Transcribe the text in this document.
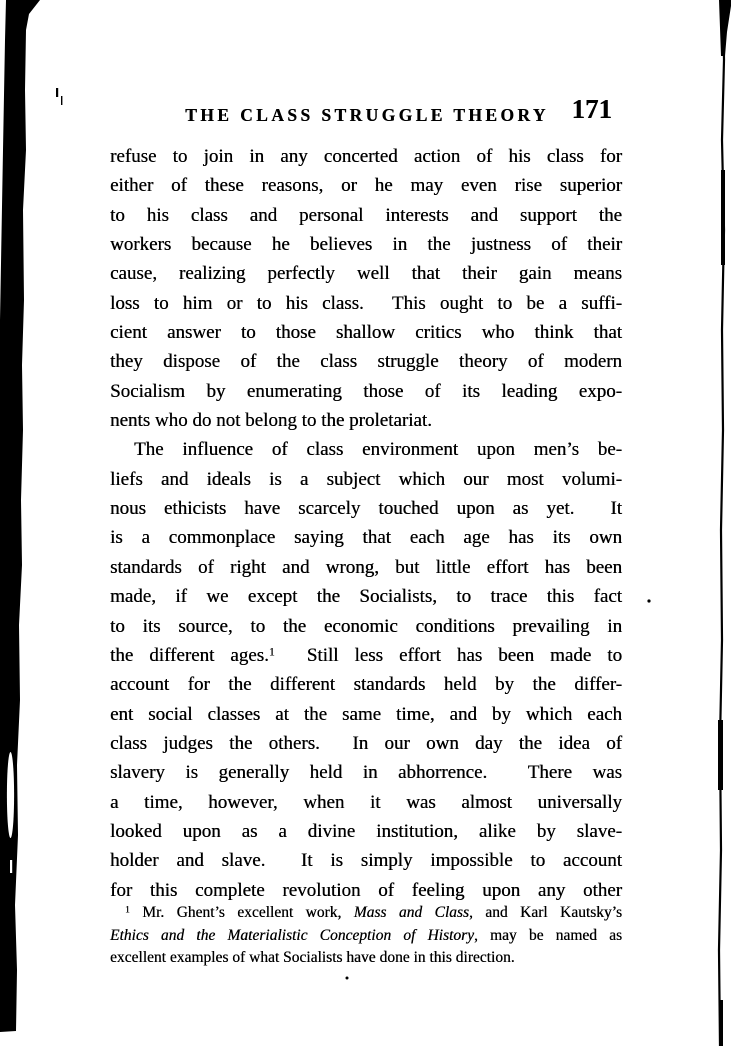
THE CLASS STRUGGLE THEORY 171
refuse to join in any concerted action of his class for
either of these reasons, or he may even rise superior
to his class and personal interests and support the
workers because he believes in the justness of their
cause, realizing perfectly well that their gain means
loss to him or to his class.  This ought to be a suffi-
cient answer to those shallow critics who think that
they dispose of the class struggle theory of modern
Socialism by enumerating those of its leading expo-
nents who do not belong to the proletariat.
The influence of class environment upon men’s be-
liefs and ideals is a subject which our most volumi-
nous ethicists have scarcely touched upon as yet.  It
is a commonplace saying that each age has its own
standards of right and wrong, but little effort has been
made, if we except the Socialists, to trace this fact
to its source, to the economic conditions prevailing in
the different ages.$^1$  Still less effort has been made to
account for the different standards held by the differ-
ent social classes at the same time, and by which each
class judges the others.  In our own day the idea of
slavery is generally held in abhorrence.  There was
a time, however, when it was almost universally
looked upon as a divine institution, alike by slave-
holder and slave.  It is simply impossible to account
for this complete revolution of feeling upon any other
$^1$ Mr. Ghent’s excellent work, Mass and Class, and Karl Kautsky’s
Ethics and the Materialistic Conception of History, may be named as
excellent examples of what Socialists have done in this direction.
